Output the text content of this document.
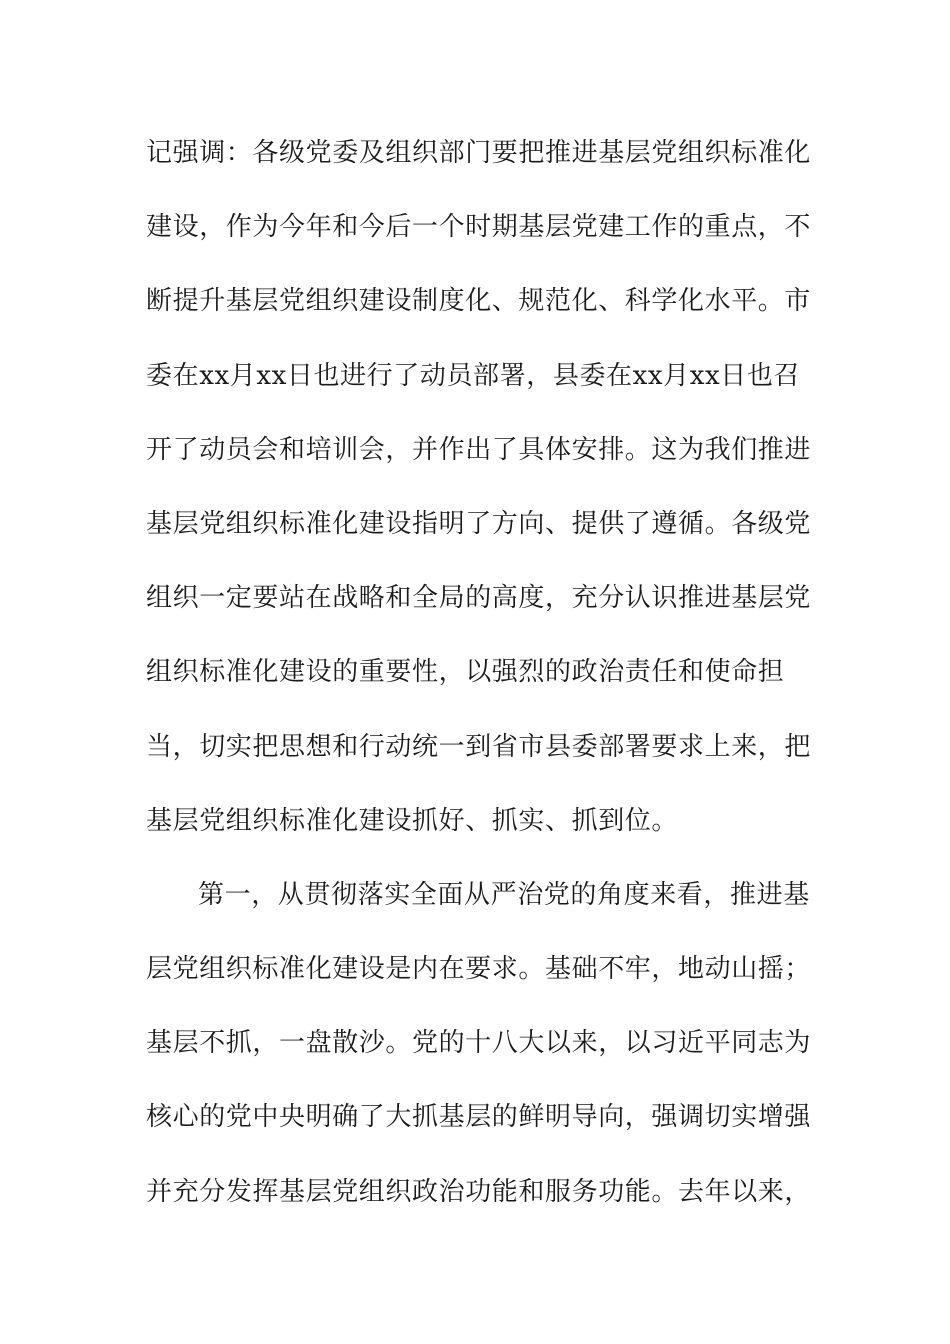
记强调：各级党委及组织部门要把推进基层党组织标准化
建设，作为今年和今后一个时期基层党建工作的重点，不
断提升基层党组织建设制度化、规范化、科学化水平。市
委在xx月xx日也进行了动员部署，县委在xx月xx日也召
开了动员会和培训会，并作出了具体安排。这为我们推进
基层党组织标准化建设指明了方向、提供了遵循。各级党
组织一定要站在战略和全局的高度，充分认识推进基层党
组织标准化建设的重要性，以强烈的政治责任和使命担
当，切实把思想和行动统一到省市县委部署要求上来，把
基层党组织标准化建设抓好、抓实、抓到位。
第一，从贯彻落实全面从严治党的角度来看，推进基
层党组织标准化建设是内在要求。基础不牢，地动山摇；
基层不抓，一盘散沙。党的十八大以来，以习近平同志为
核心的党中央明确了大抓基层的鲜明导向，强调切实增强
并充分发挥基层党组织政治功能和服务功能。去年以来，
